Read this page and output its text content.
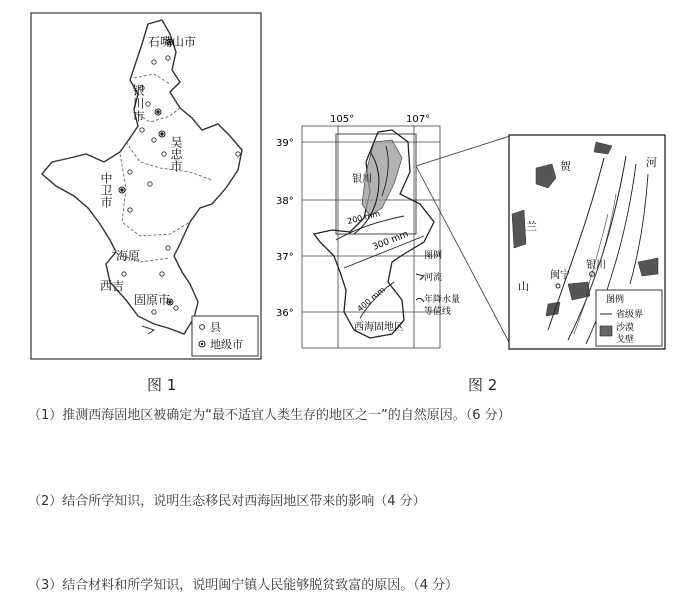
石嘴山市
银川市
吴忠市
中卫市
海原
西吉
固原市
县
地级市
图 1
105°	107°
39°
38°
37°
36°
银川
200 mm
300 mm
400 mm
西海固地区
图例
河流
年降水量
等值线
贺
兰
山
河
闽宁
银川
图例
省级界
沙漠
戈壁
图 2
（1）推测西海固地区被确定为“最不适宜人类生存的地区之一”的自然原因。（6 分）
（2）结合所学知识，说明生态移民对西海固地区带来的影响（4 分）
（3）结合材料和所学知识，说明闽宁镇人民能够脱贫致富的原因。（4 分）
